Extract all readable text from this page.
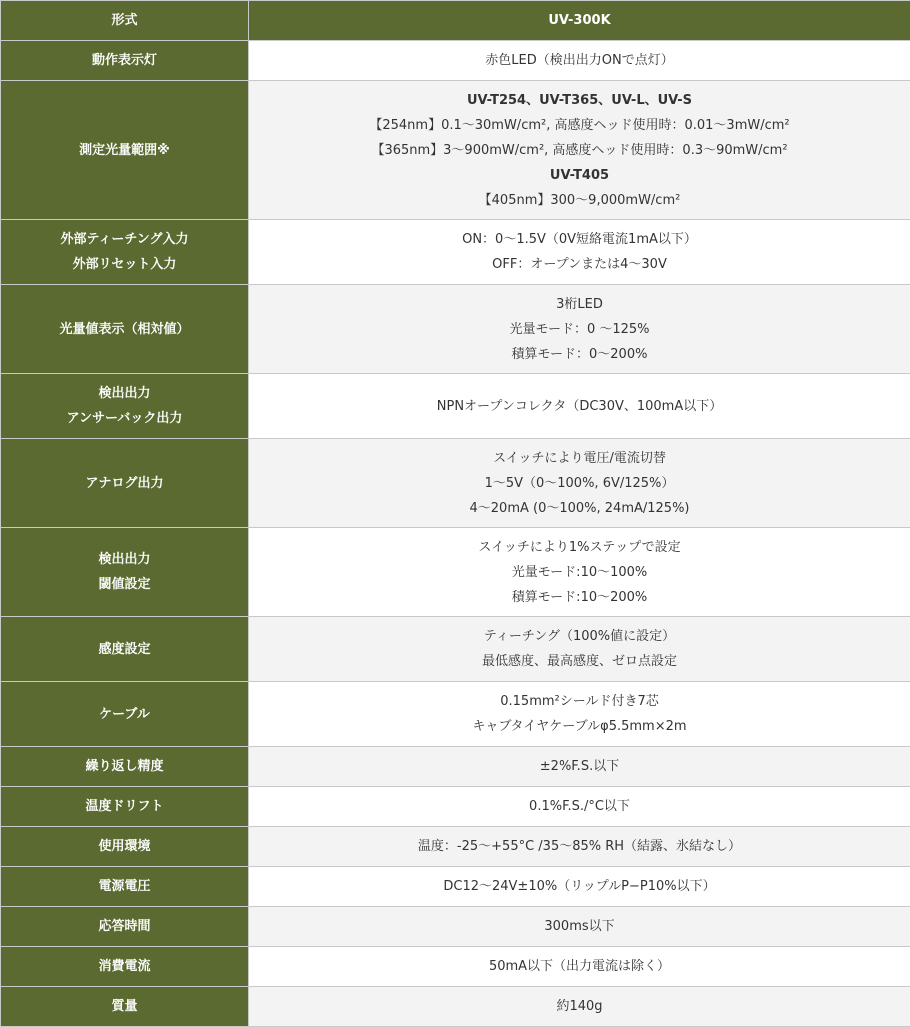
形式	UV-300K

動作表示灯	赤色LED（検出出力ONで点灯）

測定光量範囲※	UV-T254、UV-T365、UV-L、UV-S
【254nm】0.1〜30mW/cm², 高感度ヘッド使用時：0.01〜3mW/cm²
【365nm】3〜900mW/cm², 高感度ヘッド使用時：0.3〜90mW/cm²
UV-T405
【405nm】300〜9,000mW/cm²

外部ティーチング入力
外部リセット入力	ON：0〜1.5V（0V短絡電流1mA以下）
OFF：オープンまたは4〜30V

光量値表示（相対値）	3桁LED
光量モード：0 〜125%
積算モード：0〜200%

検出出力
アンサーバック出力	NPNオープンコレクタ（DC30V、100mA以下）

アナログ出力	スイッチにより電圧/電流切替
1〜5V（0〜100%, 6V/125%）
4〜20mA (0〜100%, 24mA/125%)

検出出力
閾値設定	スイッチにより1%ステップで設定
光量モード:10〜100%
積算モード:10〜200%

感度設定	ティーチング（100%値に設定）
最低感度、最高感度、ゼロ点設定

ケーブル	0.15mm²シールド付き7芯
キャブタイヤケーブルφ5.5mm×2m

繰り返し精度	±2%F.S.以下

温度ドリフト	0.1%F.S./°C以下

使用環境	温度：-25〜+55°C /35〜85% RH（結露、氷結なし）

電源電圧	DC12〜24V±10%（リップルP−P10%以下）

応答時間	300ms以下

消費電流	50mA以下（出力電流は除く）

質量	約140g
